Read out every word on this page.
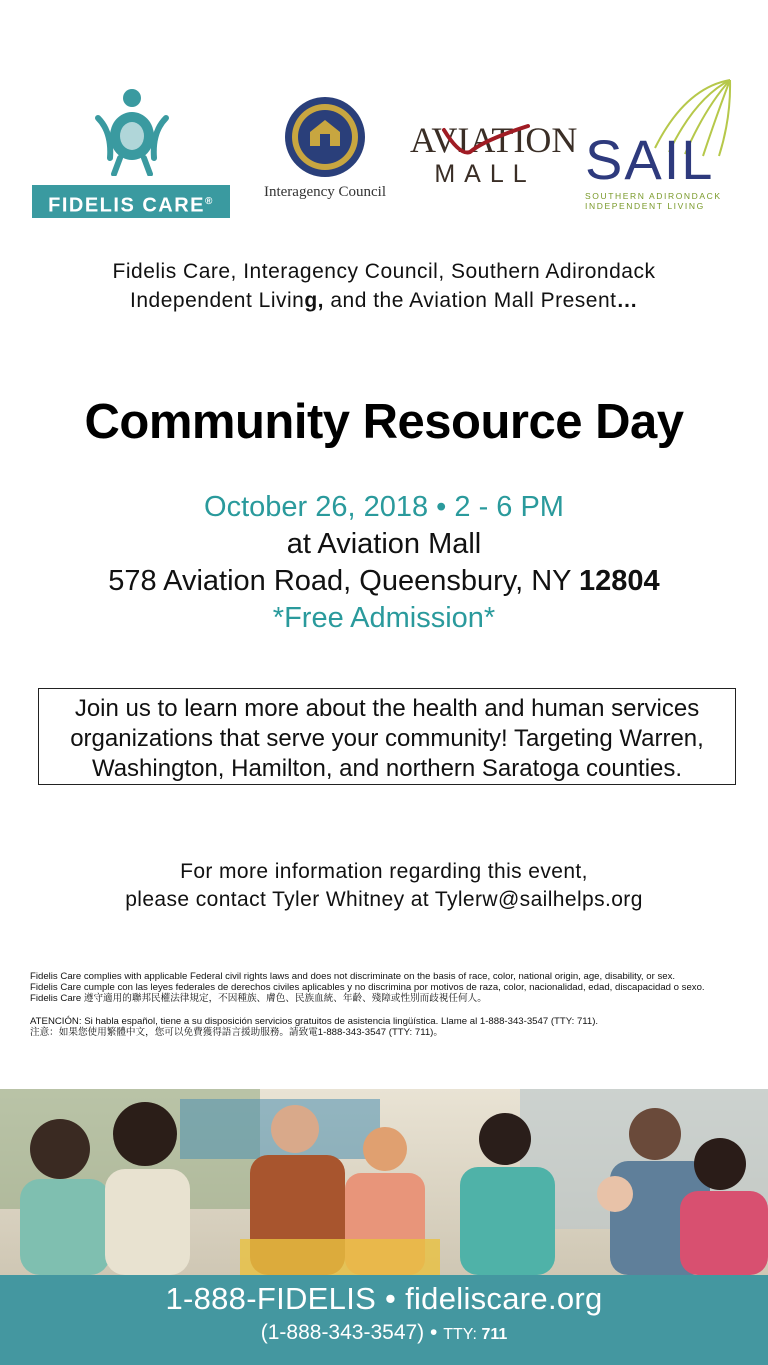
FIDELIS CARE®
Interagency Council
AVIATION
MALL SAIL
SOUTHERN ADIRONDACK
INDEPENDENT LIVING
Fidelis Care, Interagency Council, Southern Adirondack
Independent Living, and the Aviation Mall Present…
Community Resource Day
October 26, 2018 • 2 - 6 PM
at Aviation Mall
578 Aviation Road, Queensbury, NY 12804
*Free Admission*
Join us to learn more about the health and human services
organizations that serve your community! Targeting Warren,
Washington, Hamilton, and northern Saratoga counties.
For more information regarding this event,
please contact Tyler Whitney at Tylerw@sailhelps.org
Fidelis Care complies with applicable Federal civil rights laws and does not discriminate on the basis of race, color, national origin, age, disability, or sex.
Fidelis Care cumple con las leyes federales de derechos civiles aplicables y no discrimina por motivos de raza, color, nacionalidad, edad, discapacidad o sexo.
Fidelis Care 遵守適用的聯邦民權法律規定，不因種族、膚色、民族血統、年齡、殘障或性別而歧視任何人。
ATENCIÓN: Si habla español, tiene a su disposición servicios gratuitos de asistencia lingüística. Llame al 1-888-343-3547 (TTY: 711).
注意：如果您使用繁體中文，您可以免費獲得語言援助服務。請致電1-888-343-3547 (TTY: 711)。
1-888-FIDELIS • fideliscare.org
(1-888-343-3547) • TTY: 711
